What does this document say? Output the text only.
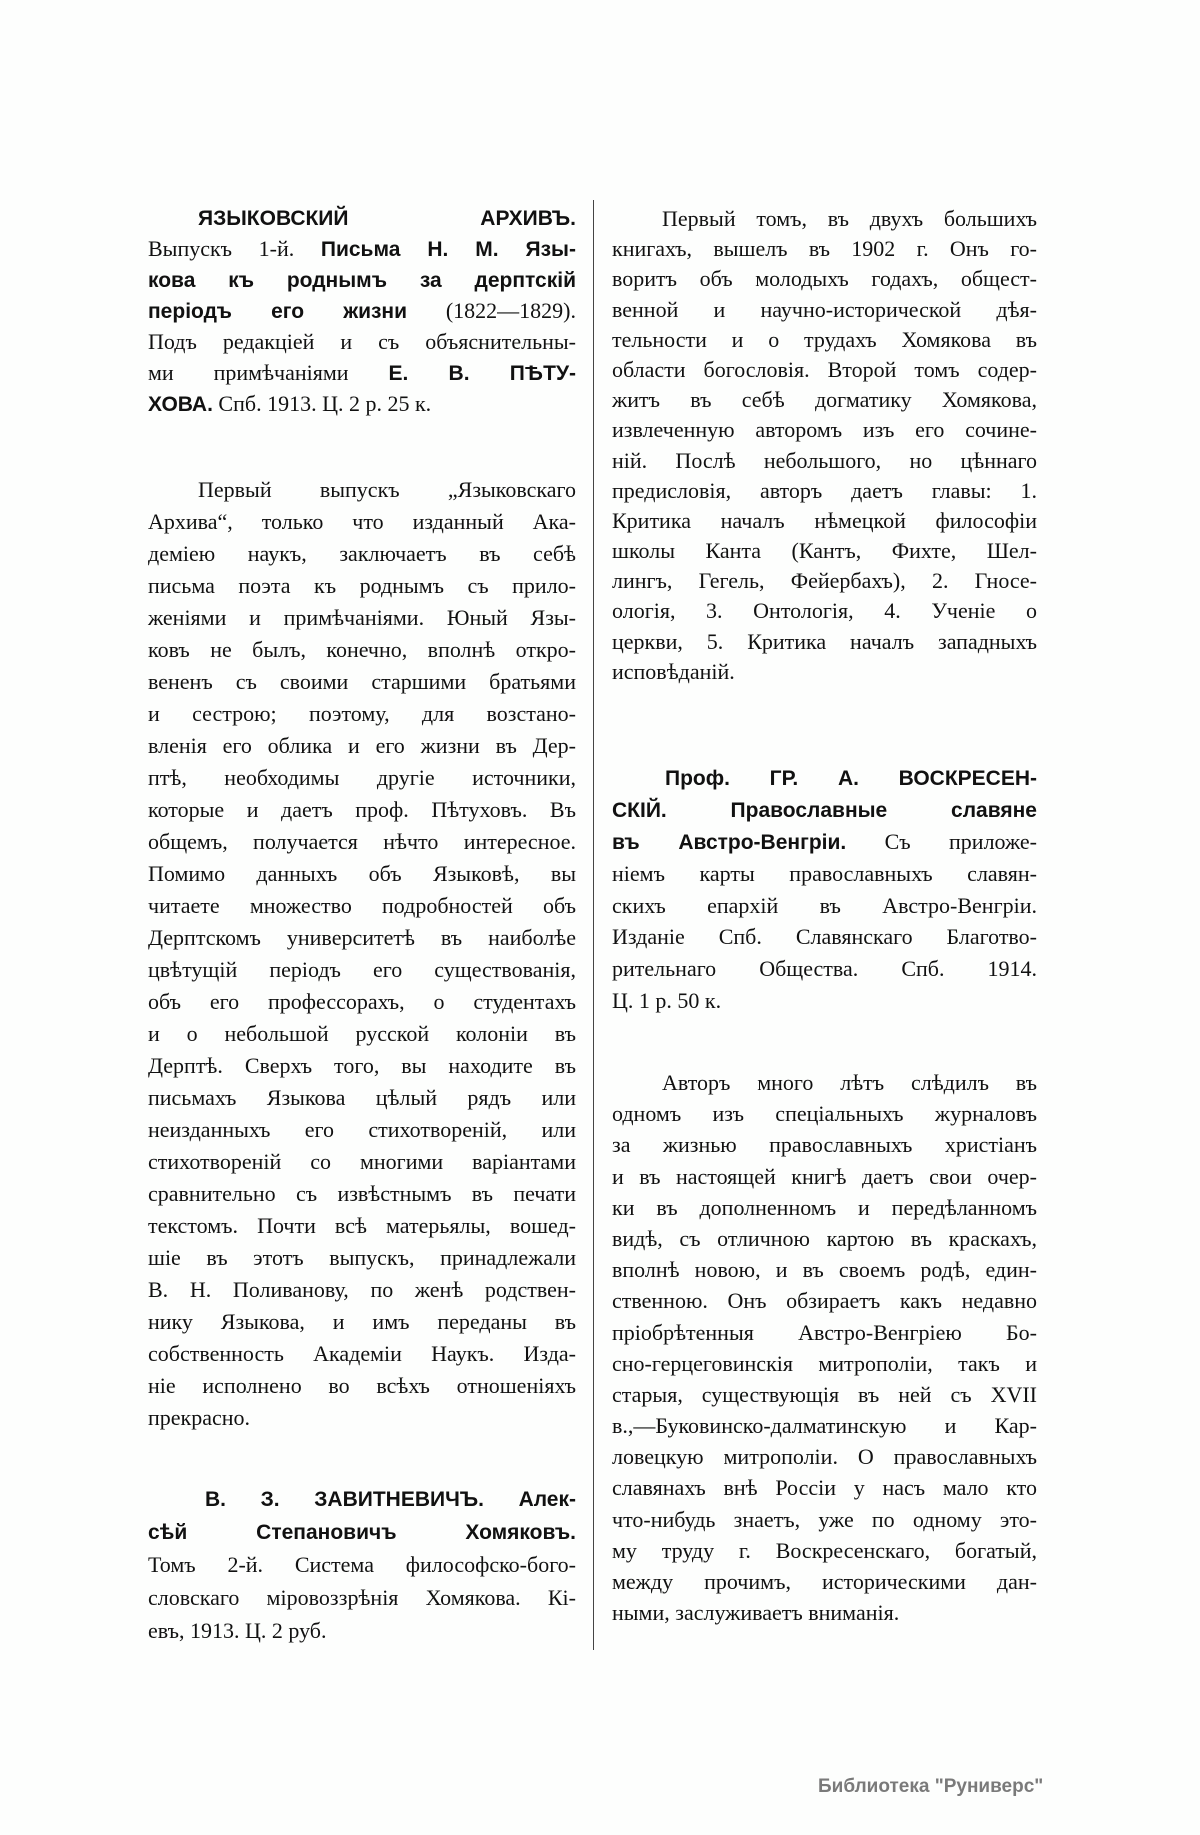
ЯЗЫКОВСКИЙ АРХИВЪ.
Выпускъ 1-й. Письма Н. М. Язы-
кова къ роднымъ за дерптскій
періодъ его жизни (1822—1829).
Подъ редакціей и съ объяснительны-
ми примѣчаніями Е. В. ПѢТУ-
ХОВА. Спб. 1913. Ц. 2 р. 25 к.
Первый выпускъ „Языковскаго
Архива“, только что изданный Ака-
деміею наукъ, заключаетъ въ себѣ
письма поэта къ роднымъ съ прило-
женіями и примѣчаніями. Юный Язы-
ковъ не былъ, конечно, вполнѣ откро-
вененъ съ своими старшими братьями
и сестрою; поэтому, для возстано-
вленія его облика и его жизни въ Дер-
птѣ, необходимы другіе источники,
которые и даетъ проф. Пѣтуховъ. Въ
общемъ, получается нѣчто интересное.
Помимо данныхъ объ Языковѣ, вы
читаете множество подробностей объ
Дерптскомъ университетѣ въ наиболѣе
цвѣтущій періодъ его существованія,
объ его профессорахъ, о студентахъ
и о небольшой русской колоніи въ
Дерптѣ. Сверхъ того, вы находите въ
письмахъ Языкова цѣлый рядъ или
неизданныхъ его стихотвореній, или
стихотвореній со многими варіантами
сравнительно съ извѣстнымъ въ печати
текстомъ. Почти всѣ матерьялы, вошед-
шіе въ этотъ выпускъ, принадлежали
В. Н. Поливанову, по женѣ родствен-
нику Языкова, и имъ переданы въ
собственность Академіи Наукъ. Изда-
ніе исполнено во всѣхъ отношеніяхъ
прекрасно.
В. З. ЗАВИТНЕВИЧЪ. Алек-
сѣй Степановичъ Хомяковъ.
Томъ 2-й. Система философско-бого-
словскаго міровоззрѣнія Хомякова. Кі-
евъ, 1913. Ц. 2 руб.
Первый томъ, въ двухъ большихъ
книгахъ, вышелъ въ 1902 г. Онъ го-
воритъ объ молодыхъ годахъ, общест-
венной и научно-исторической дѣя-
тельности и о трудахъ Хомякова въ
области богословія. Второй томъ содер-
житъ въ себѣ догматику Хомякова,
извлеченную авторомъ изъ его сочине-
ній. Послѣ небольшого, но цѣннаго
предисловія, авторъ даетъ главы: 1.
Критика началъ нѣмецкой философіи
школы Канта (Кантъ, Фихте, Шел-
лингъ, Гегель, Фейербахъ), 2. Гносе-
ологія, 3. Онтологія, 4. Ученіе о
церкви, 5. Критика началъ западныхъ
исповѣданій.
Проф. ГР. А. ВОСКРЕСЕН-
СКІЙ. Православные славяне
въ Австро-Венгріи. Съ приложе-
ніемъ карты православныхъ славян-
скихъ епархій въ Австро-Венгріи.
Изданіе Спб. Славянскаго Благотво-
рительнаго Общества. Спб. 1914.
Ц. 1 р. 50 к.
Авторъ много лѣтъ слѣдилъ въ
одномъ изъ спеціальныхъ журналовъ
за жизнью православныхъ христіанъ
и въ настоящей книгѣ даетъ свои очер-
ки въ дополненномъ и передѣланномъ
видѣ, съ отличною картою въ краскахъ,
вполнѣ новою, и въ своемъ родѣ, един-
ственною. Онъ обзираетъ какъ недавно
пріобрѣтенныя Австро-Венгріею Бо-
сно-герцеговинскія митрополіи, такъ и
старыя, существующія въ ней съ XVII
в.,—Буковинско-далматинскую и Кар-
ловецкую митрополіи. О православныхъ
славянахъ внѣ Россіи у насъ мало кто
что-нибудь знаетъ, уже по одному это-
му труду г. Воскресенскаго, богатый,
между прочимъ, историческими дан-
ными, заслуживаетъ вниманія.
Библиотека "Руниверс"
